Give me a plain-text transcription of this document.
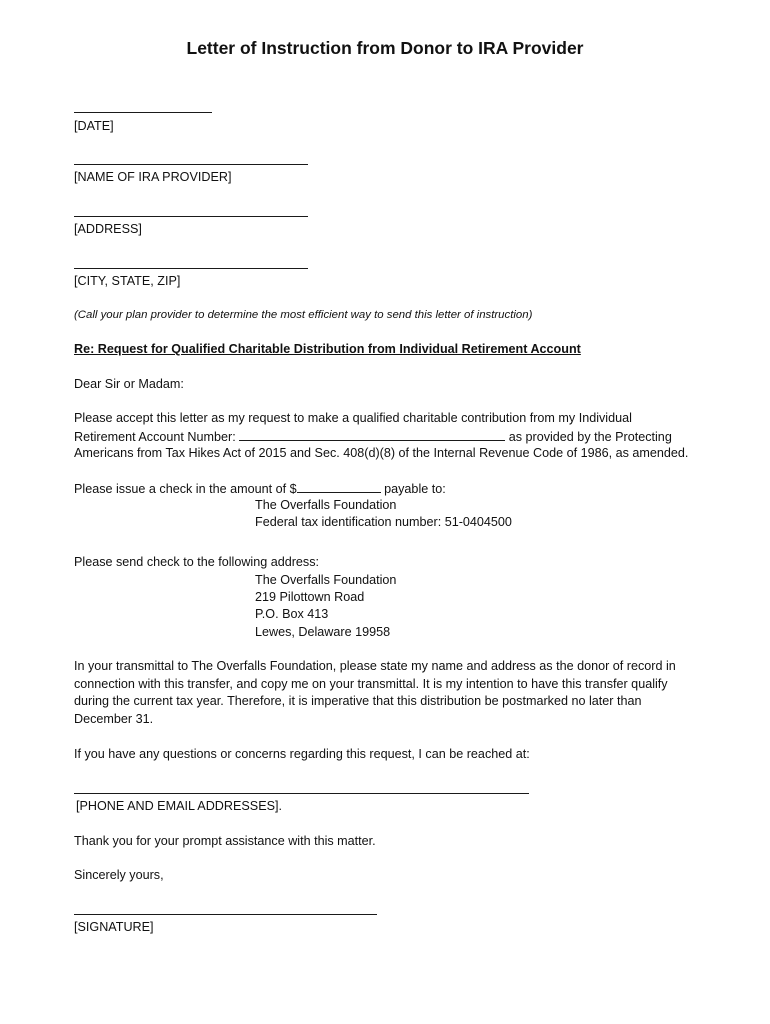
Letter of Instruction from Donor to IRA Provider
[DATE]
[NAME OF IRA PROVIDER]
[ADDRESS]
[CITY, STATE, ZIP]
(Call your plan provider to determine the most efficient way to send this letter of instruction)
Re: Request for Qualified Charitable Distribution from Individual Retirement Account
Dear Sir or Madam:
Please accept this letter as my request to make a qualified charitable contribution from my Individual
Retirement Account Number:	as provided by the Protecting
Americans from Tax Hikes Act of 2015 and Sec. 408(d)(8) of the Internal Revenue Code of 1986, as amended.
Please issue a check in the amount of $	payable to:
The Overfalls Foundation
Federal tax identification number: 51-0404500
Please send check to the following address:
The Overfalls Foundation
219 Pilottown Road
P.O. Box 413
Lewes, Delaware 19958
In your transmittal to The Overfalls Foundation, please state my name and address as the donor of record in
connection with this transfer, and copy me on your transmittal. It is my intention to have this transfer qualify
during the current tax year. Therefore, it is imperative that this distribution be postmarked no later than
December 31.
If you have any questions or concerns regarding this request, I can be reached at:
[PHONE AND EMAIL ADDRESSES].
Thank you for your prompt assistance with this matter.
Sincerely yours,
[SIGNATURE]
